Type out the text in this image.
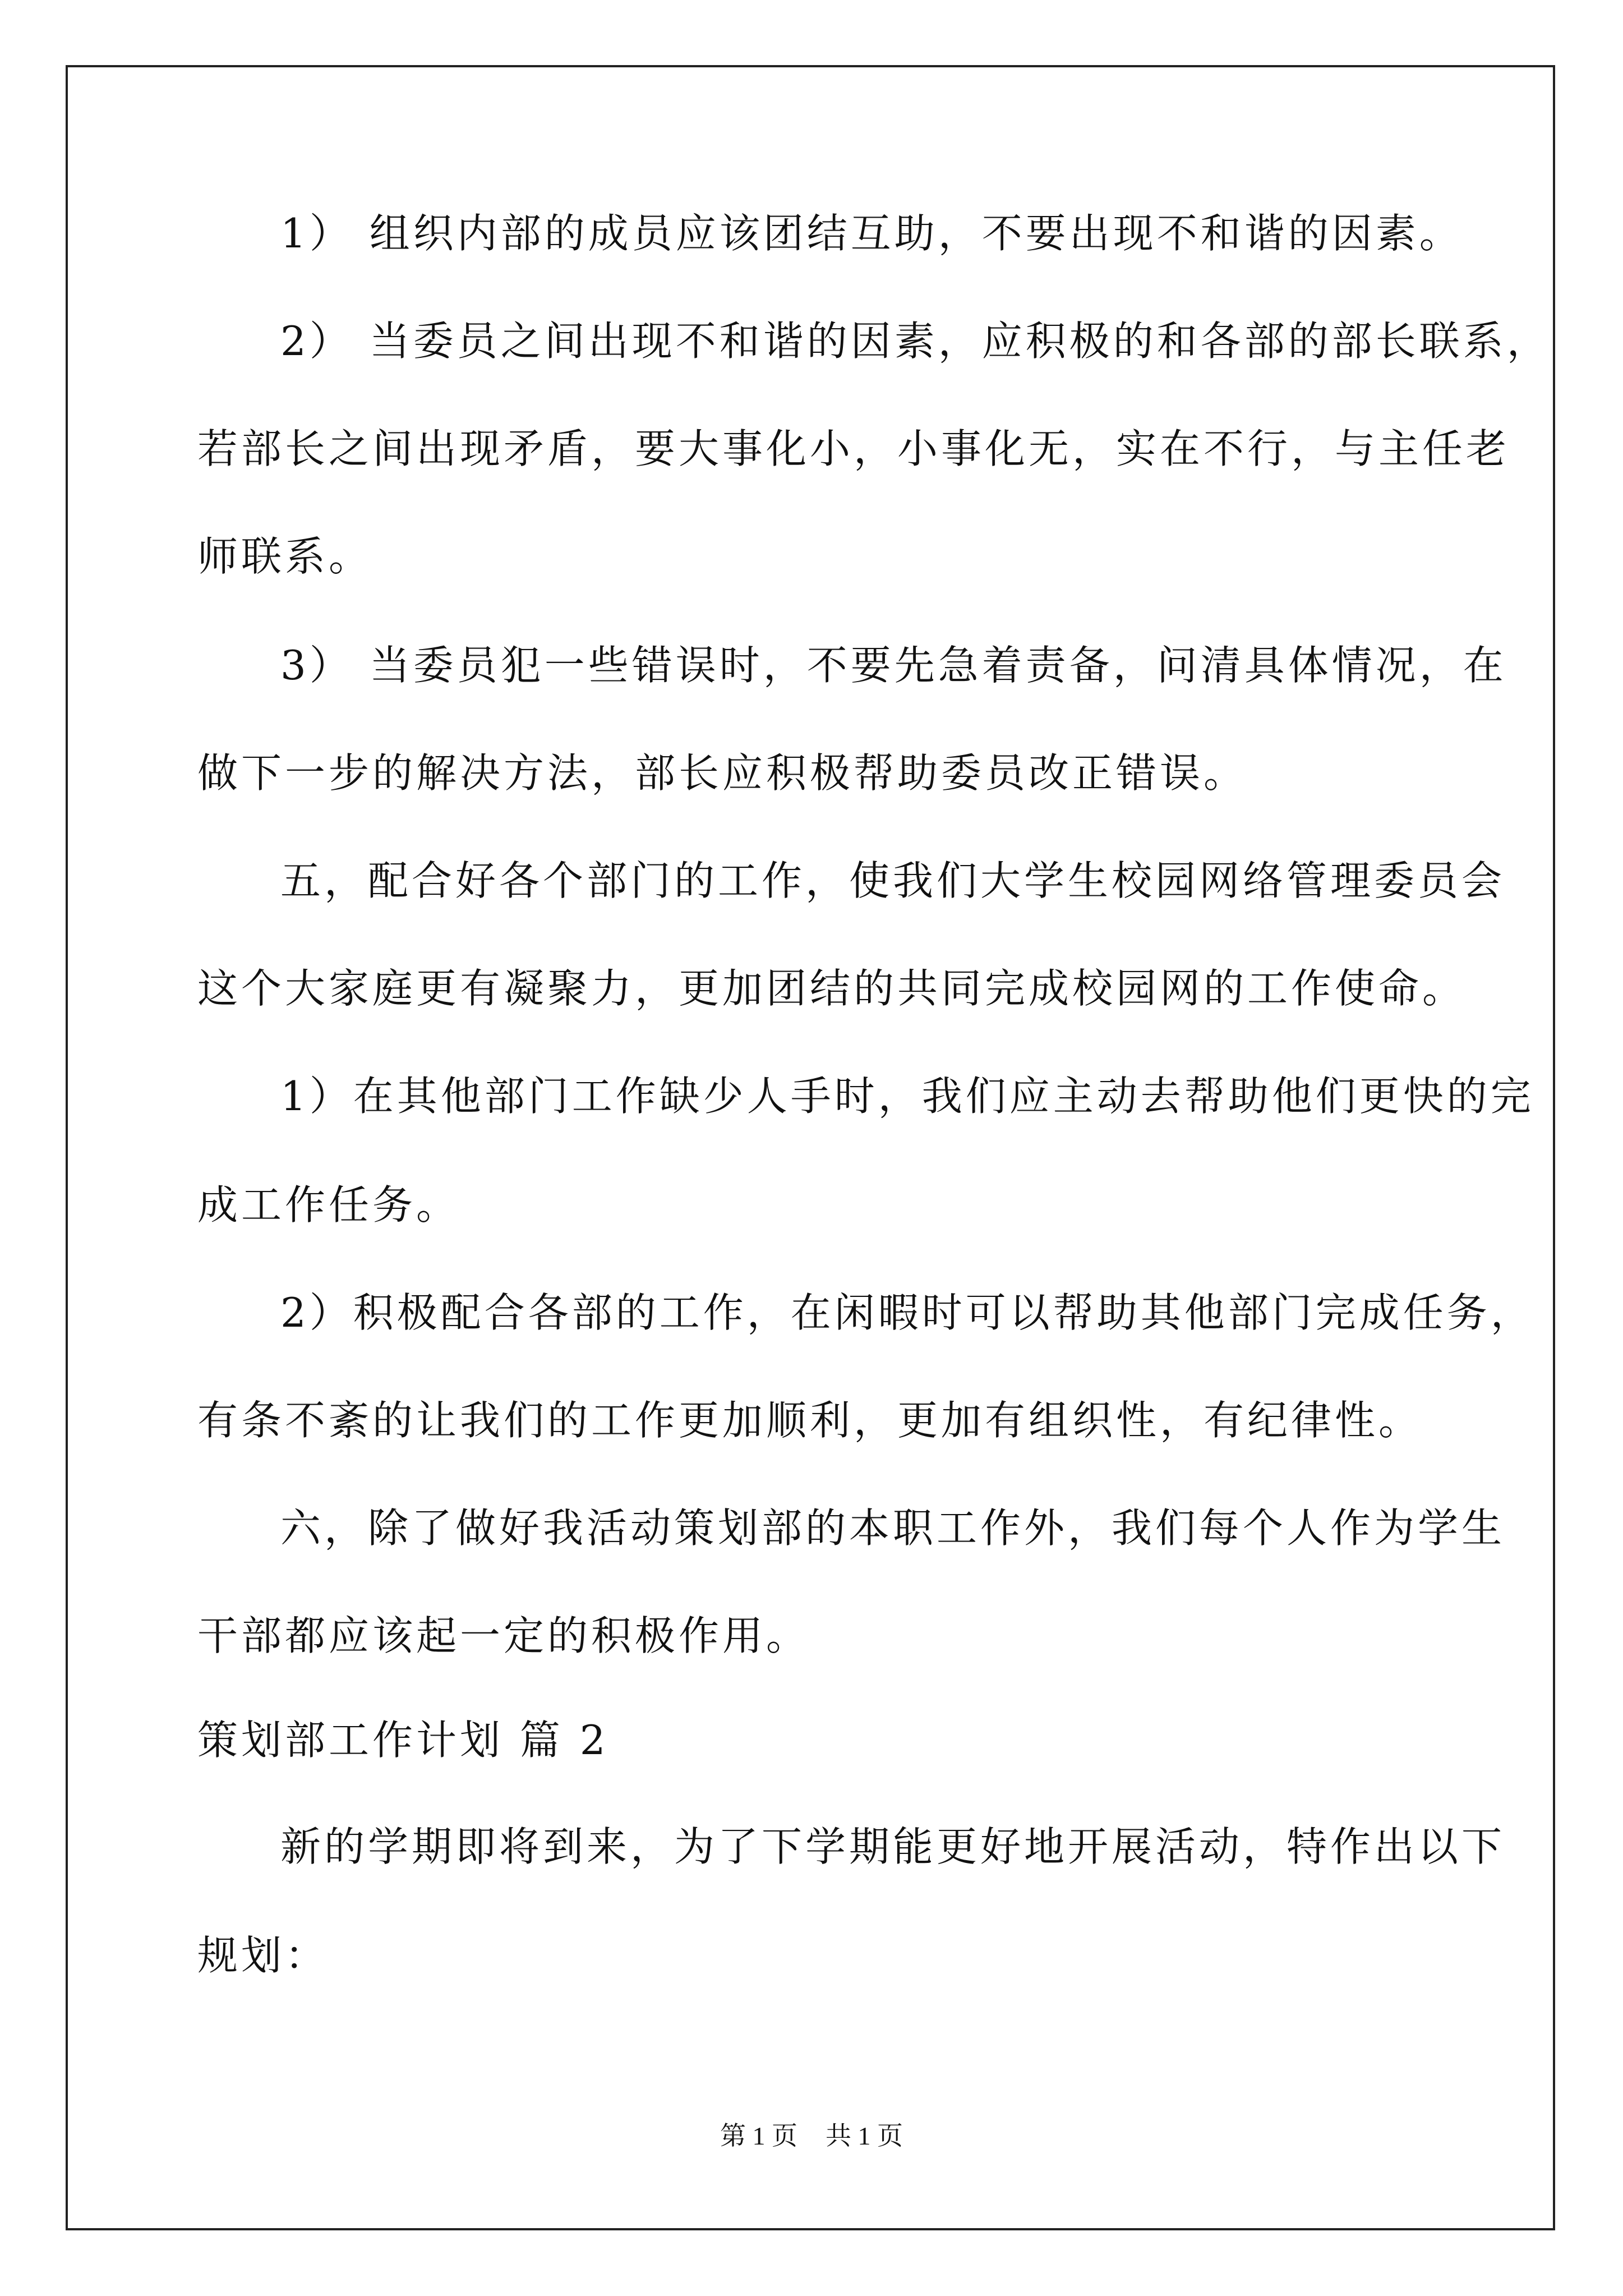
1） 组织内部的成员应该团结互助，不要出现不和谐的因素。

2） 当委员之间出现不和谐的因素，应积极的和各部的部长联系，

若部长之间出现矛盾，要大事化小，小事化无，实在不行，与主任老

师联系。

3） 当委员犯一些错误时，不要先急着责备，问清具体情况，在

做下一步的解决方法，部长应积极帮助委员改正错误。

五，配合好各个部门的工作，使我们大学生校园网络管理委员会

这个大家庭更有凝聚力，更加团结的共同完成校园网的工作使命。

1）在其他部门工作缺少人手时，我们应主动去帮助他们更快的完

成工作任务。

2）积极配合各部的工作，在闲暇时可以帮助其他部门完成任务，

有条不紊的让我们的工作更加顺利，更加有组织性，有纪律性。

六，除了做好我活动策划部的本职工作外，我们每个人作为学生

干部都应该起一定的积极作用。

策划部工作计划 篇 2

新的学期即将到来，为了下学期能更好地开展活动，特作出以下

规划：

第 1 页 共 1 页
